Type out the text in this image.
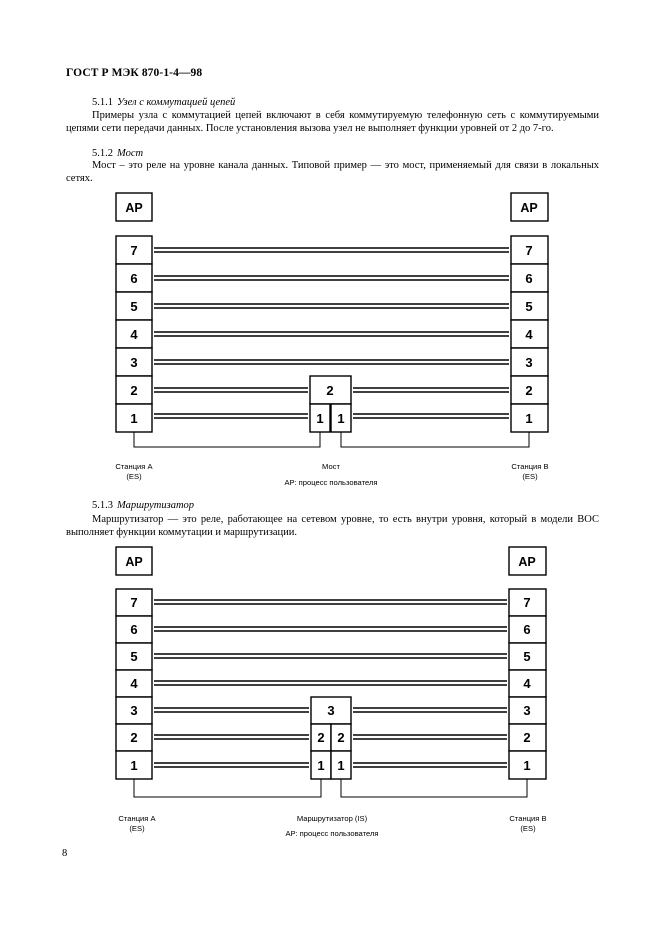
ГОСТ Р МЭК 870-1-4—98
5.1.1 Узел с коммутацией цепей
Примеры узла с коммутацией цепей включают в себя коммутируемую телефонную сеть с коммутируемыми цепями сети передачи данных. После установления вызова узел не выполняет функции уровней от 2 до 7-го.
5.1.2 Мост
Мост – это реле на уровне канала данных. Типовой пример — это мост, применяемый для связи в локальных сетях.
5.1.3 Маршрутизатор
Маршрутизатор — это реле, работающее на сетевом уровне, то есть внутри уровня, который в модели ВОС выполняет функции коммутации и маршрутизации.
AP	AP
7
6
5
4
3
2
1
7
6
5
4
3
2
1
2
1 1
Станция А
(ES)
Мост
АР: процесс пользователя
Станция В
(ES)
AP	AP
7
6
5
4
3
2
1
7
6
5
4
3
2
1
3
2 2
1 1
Станция А
(ES)
Маршрутизатор (IS)
АР: процесс пользователя
Станция В
(ES)
8
